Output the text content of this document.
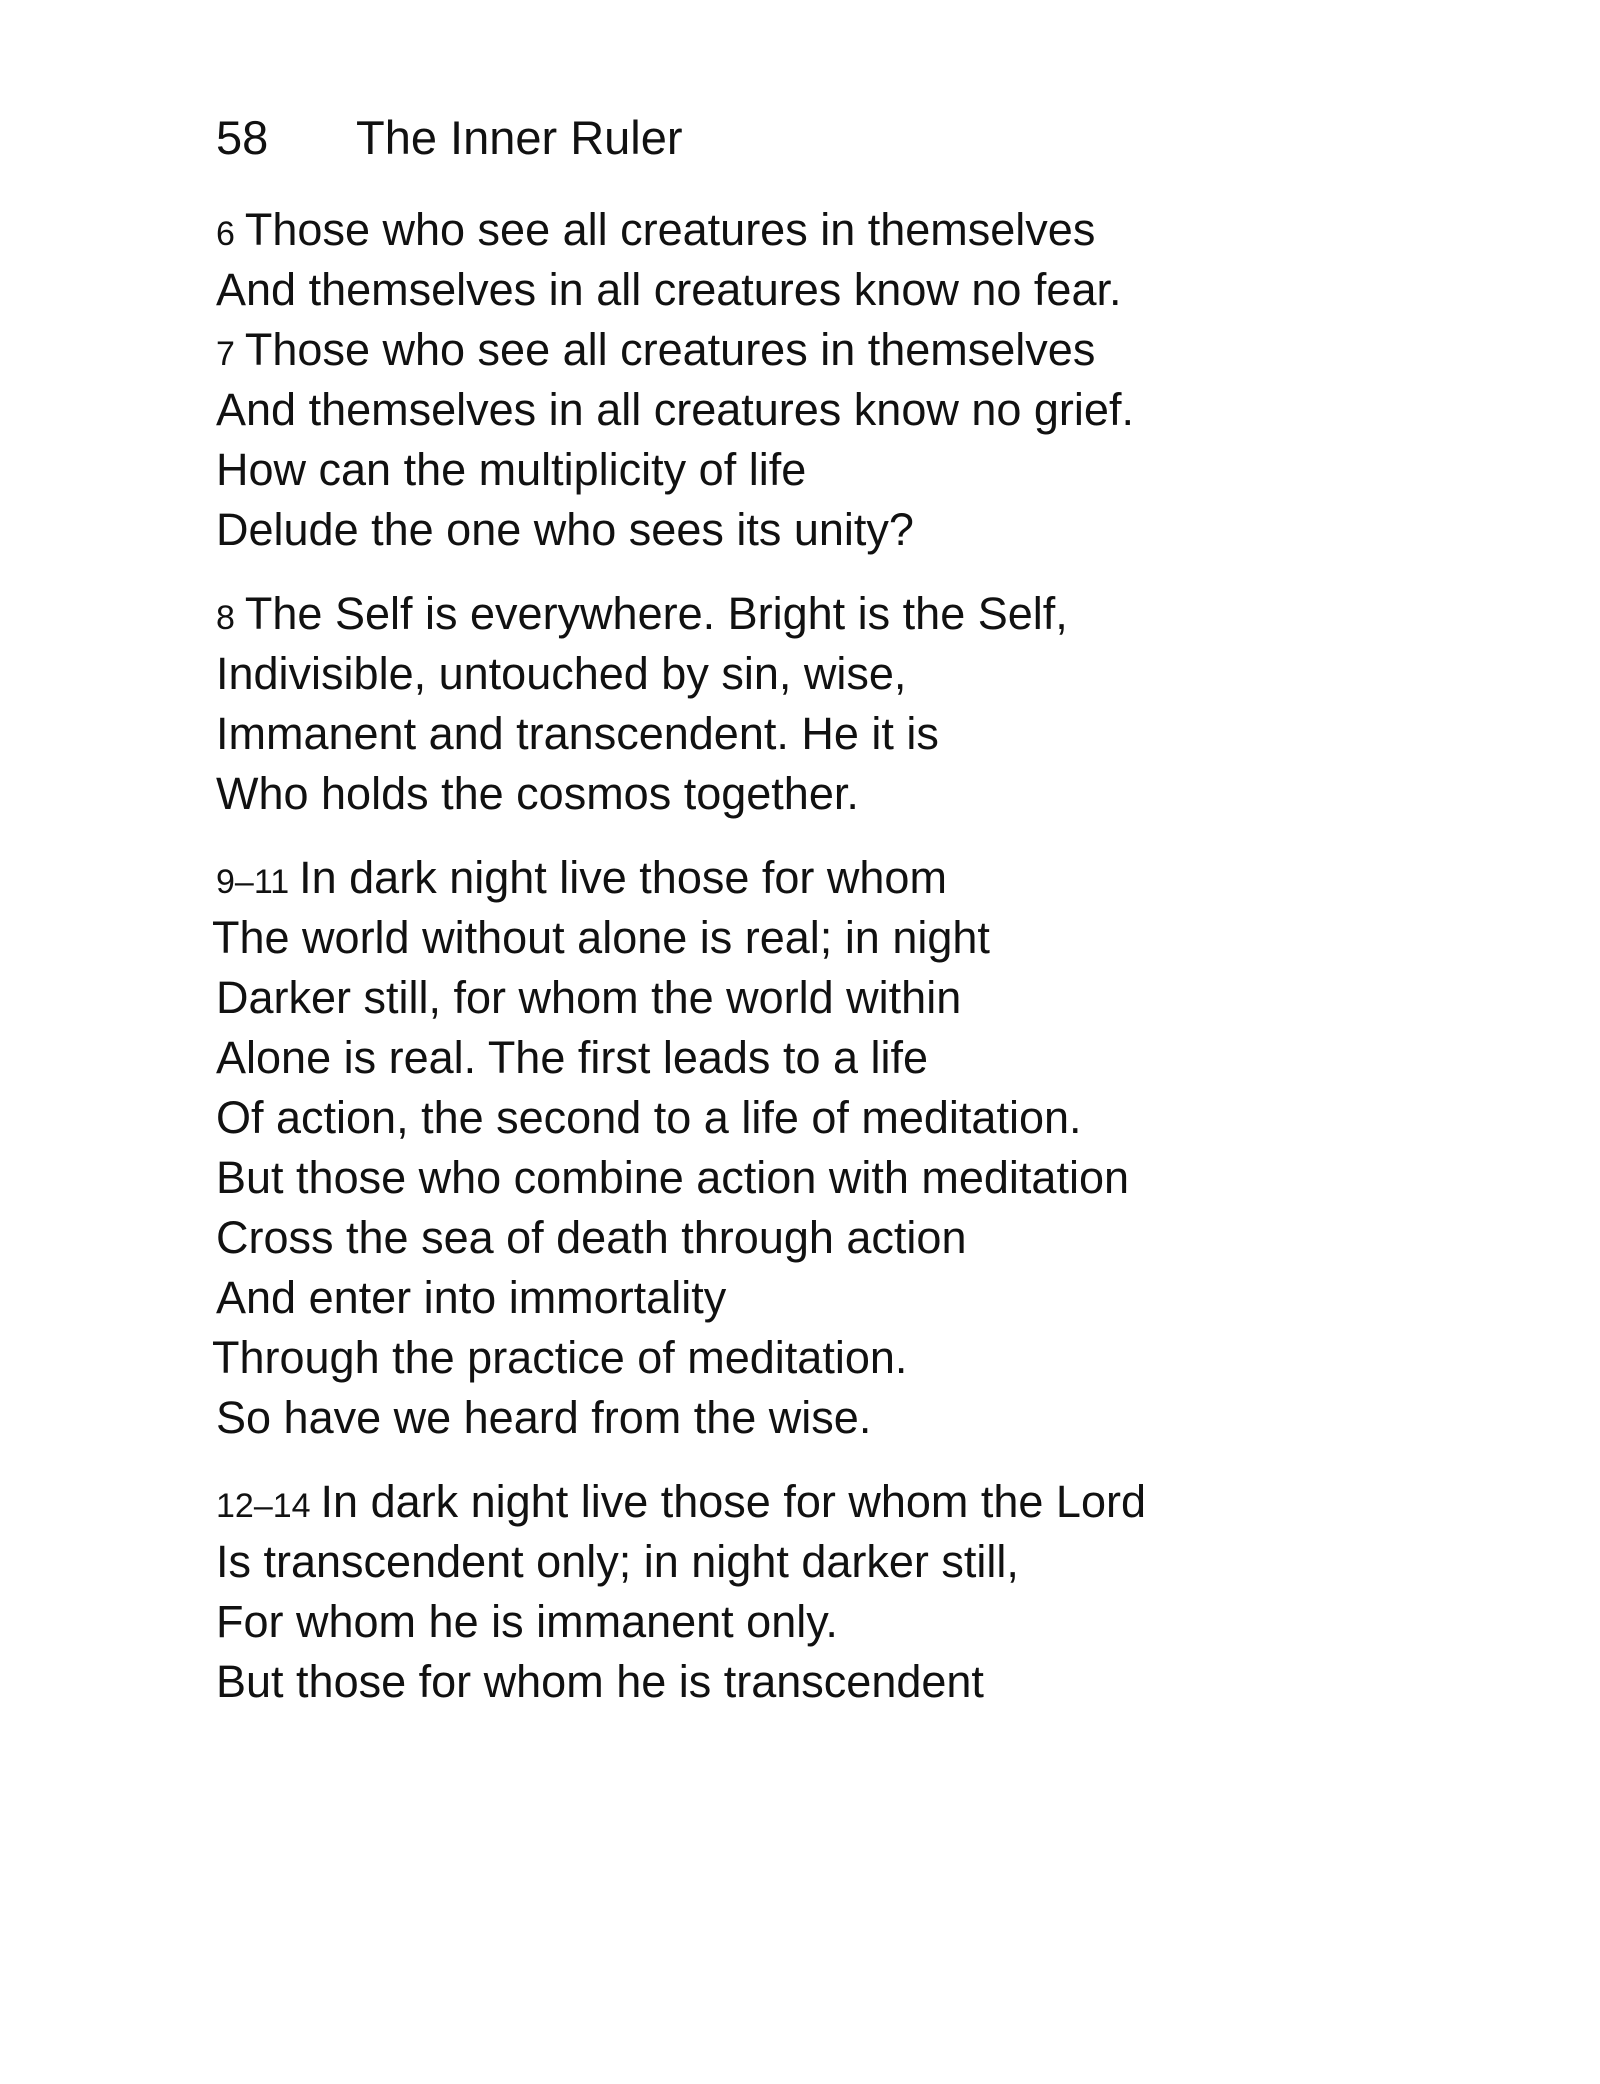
58 The Inner Ruler
6 Those who see all creatures in themselves
And themselves in all creatures know no fear.
7 Those who see all creatures in themselves
And themselves in all creatures know no grief.
How can the multiplicity of life
Delude the one who sees its unity?
8 The Self is everywhere. Bright is the Self,
Indivisible, untouched by sin, wise,
Immanent and transcendent. He it is
Who holds the cosmos together.
9–11 In dark night live those for whom
The world without alone is real; in night
Darker still, for whom the world within
Alone is real. The first leads to a life
Of action, the second to a life of meditation.
But those who combine action with meditation
Cross the sea of death through action
And enter into immortality
Through the practice of meditation.
So have we heard from the wise.
12–14 In dark night live those for whom the Lord
Is transcendent only; in night darker still,
For whom he is immanent only.
But those for whom he is transcendent
